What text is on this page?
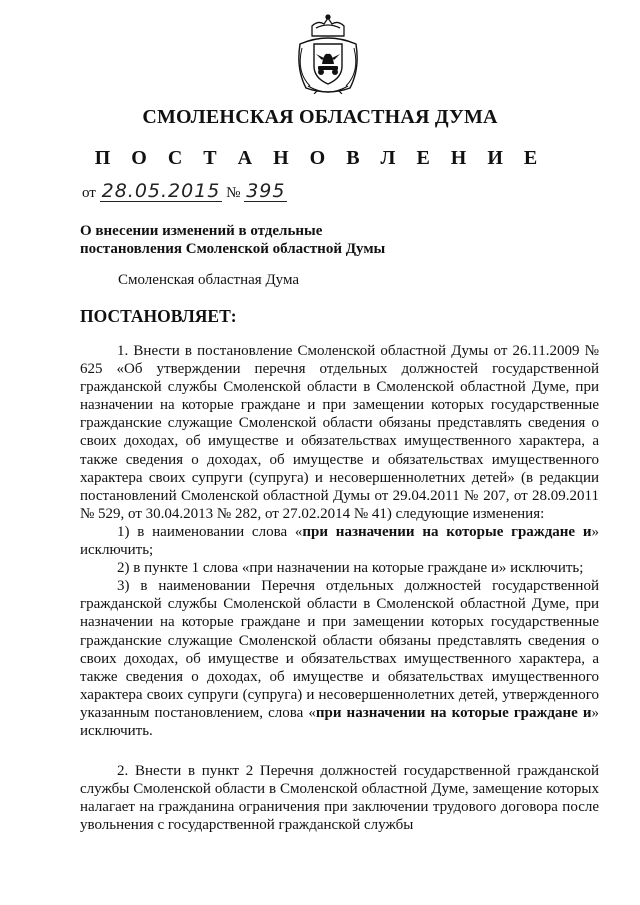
СМОЛЕНСКАЯ ОБЛАСТНАЯ ДУМА
П О С Т А Н О В Л Е Н И Е
от 28.05.2015 № 395
О внесении изменений в отдельные
постановления Смоленской областной Думы
Смоленская областная Дума
ПОСТАНОВЛЯЕТ:

1. Внести в постановление Смоленской областной Думы от 26.11.2009 № 625 «Об утверждении перечня отдельных должностей государственной гражданской службы Смоленской области в Смоленской областной Думе, при назначении на которые граждане и при замещении которых государственные гражданские служащие Смоленской области обязаны представлять сведения о своих доходах, об имуществе и обязательствах имущественного характера, а также сведения о доходах, об имуществе и обязательствах имущественного характера своих супруги (супруга) и несовершеннолетних детей» (в редакции постановлений Смоленской областной Думы от 29.04.2011 № 207, от 28.09.2011 № 529, от 30.04.2013 № 282, от 27.02.2014 № 41) следующие изменения:

1) в наименовании слова «при назначении на которые граждане и» исключить;

2) в пункте 1 слова «при назначении на которые граждане и» исключить;

3) в наименовании Перечня отдельных должностей государственной гражданской службы Смоленской области в Смоленской областной Думе, при назначении на которые граждане и при замещении которых государственные гражданские служащие Смоленской области обязаны представлять сведения о своих доходах, об имуществе и обязательствах имущественного характера, а также сведения о доходах, об имуществе и обязательствах имущественного характера своих супруги (супруга) и несовершеннолетних детей, утвержденного указанным постановлением, слова «при назначении на которые граждане и» исключить.

2. Внести в пункт 2 Перечня должностей государственной гражданской службы Смоленской области в Смоленской областной Думе, замещение которых налагает на гражданина ограничения при заключении трудового договора после увольнения с государственной гражданской службы
